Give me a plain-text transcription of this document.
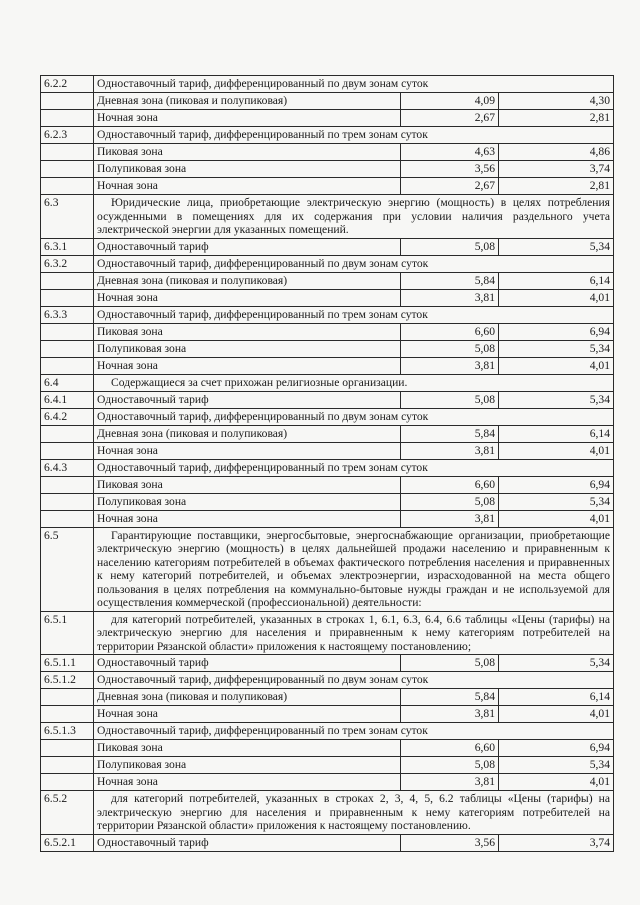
6.2.2	Одноставочный тариф, дифференцированный по двум зонам суток		
	Дневная зона (пиковая и полупиковая)	4,09	4,30
	Ночная зона	2,67	2,81
6.2.3	Одноставочный тариф, дифференцированный по трем зонам суток		
	Пиковая зона	4,63	4,86
	Полупиковая зона	3,56	3,74
	Ночная зона	2,67	2,81
6.3	Юридические лица, приобретающие электрическую энергию (мощность) в целях потребления осужденными в помещениях для их содержания при условии наличия раздельного учета электрической энергии для указанных помещений.		
6.3.1	Одноставочный тариф	5,08	5,34
6.3.2	Одноставочный тариф, дифференцированный по двум зонам суток		
	Дневная зона (пиковая и полупиковая)	5,84	6,14
	Ночная зона	3,81	4,01
6.3.3	Одноставочный тариф, дифференцированный по трем зонам суток		
	Пиковая зона	6,60	6,94
	Полупиковая зона	5,08	5,34
	Ночная зона	3,81	4,01
6.4	Содержащиеся за счет прихожан религиозные организации.		
6.4.1	Одноставочный тариф	5,08	5,34
6.4.2	Одноставочный тариф, дифференцированный по двум зонам суток		
	Дневная зона (пиковая и полупиковая)	5,84	6,14
	Ночная зона	3,81	4,01
6.4.3	Одноставочный тариф, дифференцированный по трем зонам суток		
	Пиковая зона	6,60	6,94
	Полупиковая зона	5,08	5,34
	Ночная зона	3,81	4,01
6.5	Гарантирующие поставщики, энергосбытовые, энергоснабжающие организации, приобретающие электрическую энергию (мощность) в целях дальнейшей продажи населению и приравненным к населению категориям потребителей в объемах фактического потребления населения и приравненных к нему категорий потребителей, и объемах электроэнергии, израсходованной на места общего пользования в целях потребления на коммунально-бытовые нужды граждан и не используемой для осуществления коммерческой (профессиональной) деятельности:		
6.5.1	для категорий потребителей, указанных в строках 1, 6.1, 6.3, 6.4, 6.6 таблицы «Цены (тарифы) на электрическую энергию для населения и приравненным к нему категориям потребителей на территории Рязанской области» приложения к настоящему постановлению;		
6.5.1.1	Одноставочный тариф	5,08	5,34
6.5.1.2	Одноставочный тариф, дифференцированный по двум зонам суток		
	Дневная зона (пиковая и полупиковая)	5,84	6,14
	Ночная зона	3,81	4,01
6.5.1.3	Одноставочный тариф, дифференцированный по трем зонам суток		
	Пиковая зона	6,60	6,94
	Полупиковая зона	5,08	5,34
	Ночная зона	3,81	4,01
6.5.2	для категорий потребителей, указанных в строках 2, 3, 4, 5, 6.2 таблицы «Цены (тарифы) на электрическую энергию для населения и приравненным к нему категориям потребителей на территории Рязанской области» приложения к настоящему постановлению.		
6.5.2.1	Одноставочный тариф	3,56	3,74
